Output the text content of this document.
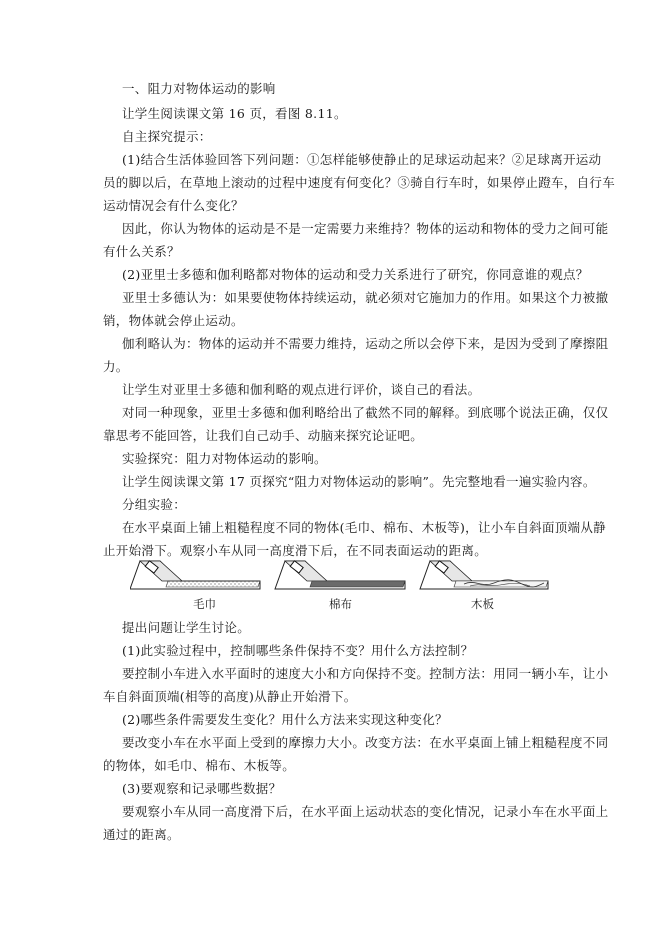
一、阻力对物体运动的影响
让学生阅读课文第 16 页，看图 8.11。
自主探究提示：
(1)结合生活体验回答下列问题：①怎样能够使静止的足球运动起来？②足球离开运动
员的脚以后，在草地上滚动的过程中速度有何变化？③骑自行车时，如果停止蹬车，自行车
运动情况会有什么变化？
因此，你认为物体的运动是不是一定需要力来维持？物体的运动和物体的受力之间可能
有什么关系？
(2)亚里士多德和伽利略都对物体的运动和受力关系进行了研究，你同意谁的观点？
亚里士多德认为：如果要使物体持续运动，就必须对它施加力的作用。如果这个力被撤
销，物体就会停止运动。
伽利略认为：物体的运动并不需要力维持，运动之所以会停下来，是因为受到了摩擦阻
力。
让学生对亚里士多德和伽利略的观点进行评价，谈自己的看法。
对同一种现象，亚里士多德和伽利略给出了截然不同的解释。到底哪个说法正确，仅仅
靠思考不能回答，让我们自己动手、动脑来探究论证吧。
实验探究：阻力对物体运动的影响。
让学生阅读课文第 17 页探究“阻力对物体运动的影响”。先完整地看一遍实验内容。
分组实验：
在水平桌面上铺上粗糙程度不同的物体(毛巾、棉布、木板等)，让小车自斜面顶端从静
止开始滑下。观察小车从同一高度滑下后，在不同表面运动的距离。
毛巾	棉布	木板
提出问题让学生讨论。
(1)此实验过程中，控制哪些条件保持不变？用什么方法控制？
要控制小车进入水平面时的速度大小和方向保持不变。控制方法：用同一辆小车，让小
车自斜面顶端(相等的高度)从静止开始滑下。
(2)哪些条件需要发生变化？用什么方法来实现这种变化？
要改变小车在水平面上受到的摩擦力大小。改变方法：在水平桌面上铺上粗糙程度不同
的物体，如毛巾、棉布、木板等。
(3)要观察和记录哪些数据？
要观察小车从同一高度滑下后，在水平面上运动状态的变化情况，记录小车在水平面上
通过的距离。
